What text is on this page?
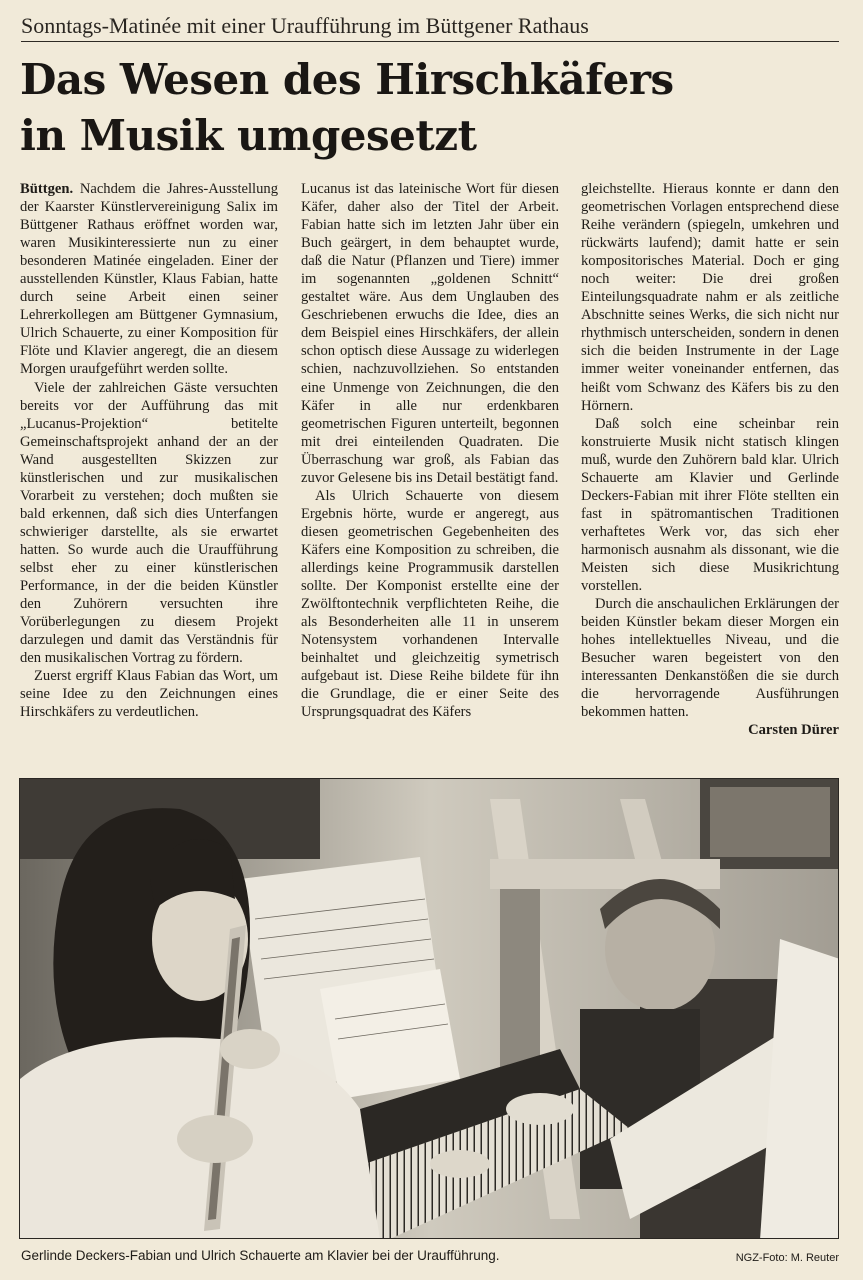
Sonntags-Matinée mit einer Uraufführung im Büttgener Rathaus
Das Wesen des Hirschkäfers
in Musik umgesetzt

Büttgen. Nachdem die Jahres-Ausstellung der Kaarster Künstlervereinigung Salix im Büttgener Rathaus eröffnet worden war, waren Musikinteressierte nun zu einer besonderen Matinée eingeladen. Einer der ausstellenden Künstler, Klaus Fabian, hatte durch seine Arbeit einen seiner Lehrerkollegen am Büttgener Gymnasium, Ulrich Schauerte, zu einer Komposition für Flöte und Klavier angeregt, die an diesem Morgen uraufgeführt werden sollte.

Viele der zahlreichen Gäste versuchten bereits vor der Aufführung das mit „Lucanus-Projektion“ betitelte Gemeinschaftsprojekt anhand der an der Wand ausgestellten Skizzen zur künstlerischen und zur musikalischen Vorarbeit zu verstehen; doch mußten sie bald erkennen, daß sich dies Unterfangen schwieriger darstellte, als sie erwartet hatten. So wurde auch die Uraufführung selbst eher zu einer künstlerischen Performance, in der die beiden Künstler den Zuhörern versuchten ihre Vorüberlegungen zu diesem Projekt darzulegen und damit das Verständnis für den musikalischen Vortrag zu fördern.

Zuerst ergriff Klaus Fabian das Wort, um seine Idee zu den Zeichnungen eines Hirschkäfers zu verdeutlichen.

Lucanus ist das lateinische Wort für diesen Käfer, daher also der Titel der Arbeit. Fabian hatte sich im letzten Jahr über ein Buch geärgert, in dem behauptet wurde, daß die Natur (Pflanzen und Tiere) immer im sogenannten „goldenen Schnitt“ gestaltet wäre. Aus dem Unglauben des Geschriebenen erwuchs die Idee, dies an dem Beispiel eines Hirschkäfers, der allein schon optisch diese Aussage zu widerlegen schien, nachzuvollziehen. So entstanden eine Unmenge von Zeichnungen, die den Käfer in alle nur erdenkbaren geometrischen Figuren unterteilt, begonnen mit drei einteilenden Quadraten. Die Überraschung war groß, als Fabian das zuvor Gelesene bis ins Detail bestätigt fand.

Als Ulrich Schauerte von diesem Ergebnis hörte, wurde er angeregt, aus diesen geometrischen Gegebenheiten des Käfers eine Komposition zu schreiben, die allerdings keine Programmusik darstellen sollte. Der Komponist erstellte eine der Zwölftontechnik verpflichteten Reihe, die als Besonderheiten alle 11 in unserem Notensystem vorhandenen Intervalle beinhaltet und gleichzeitig symetrisch aufgebaut ist. Diese Reihe bildete für ihn die Grundlage, die er einer Seite des Ursprungsquadrat des Käfers

gleichstellte. Hieraus konnte er dann den geometrischen Vorlagen entsprechend diese Reihe verändern (spiegeln, umkehren und rückwärts laufend); damit hatte er sein kompositorisches Material. Doch er ging noch weiter: Die drei großen Einteilungsquadrate nahm er als zeitliche Abschnitte seines Werks, die sich nicht nur rhythmisch unterscheiden, sondern in denen sich die beiden Instrumente in der Lage immer weiter voneinander entfernen, das heißt vom Schwanz des Käfers bis zu den Hörnern.

Daß solch eine scheinbar rein konstruierte Musik nicht statisch klingen muß, wurde den Zuhörern bald klar. Ulrich Schauerte am Klavier und Gerlinde Deckers-Fabian mit ihrer Flöte stellten ein fast in spätromantischen Traditionen verhaftetes Werk vor, das sich eher harmonisch ausnahm als dissonant, wie die Meisten sich diese Musikrichtung vorstellen.

Durch die anschaulichen Erklärungen der beiden Künstler bekam dieser Morgen ein hohes intellektuelles Niveau, und die Besucher waren begeistert von den interessanten Denkanstößen die sie durch die hervorragende Ausführungen bekommen hatten.

Carsten Dürer

Gerlinde Deckers-Fabian und Ulrich Schauerte am Klavier bei der Uraufführung.	NGZ-Foto: M. Reuter
